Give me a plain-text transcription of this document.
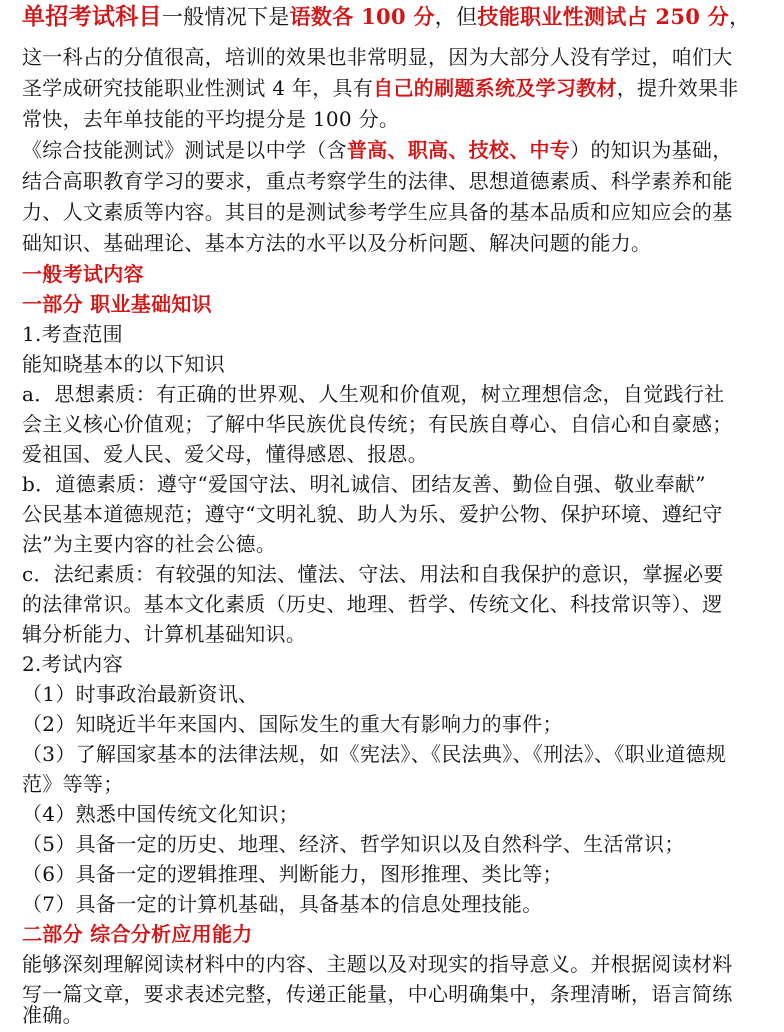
单招考试科目一般情况下是语数各 100 分，但技能职业性测试占 250 分，
这一科占的分值很高，培训的效果也非常明显，因为大部分人没有学过，咱们大
圣学成研究技能职业性测试 4 年，具有自己的刷题系统及学习教材，提升效果非
常快，去年单技能的平均提分是 100 分。
《综合技能测试》测试是以中学（含普高、职高、技校、中专）的知识为基础，
结合高职教育学习的要求，重点考察学生的法律、思想道德素质、科学素养和能
力、人文素质等内容。其目的是测试参考学生应具备的基本品质和应知应会的基
础知识、基础理论、基本方法的水平以及分析问题、解决问题的能力。
一般考试内容
一部分 职业基础知识
1.考查范围
能知晓基本的以下知识
a．思想素质：有正确的世界观、人生观和价值观，树立理想信念，自觉践行社
会主义核心价值观；了解中华民族优良传统；有民族自尊心、自信心和自豪感；
爱祖国、爱人民、爱父母，懂得感恩、报恩。
b．道德素质：遵守“爱国守法、明礼诚信、团结友善、勤俭自强、敬业奉献”
公民基本道德规范；遵守“文明礼貌、助人为乐、爱护公物、保护环境、遵纪守
法”为主要内容的社会公德。
c．法纪素质：有较强的知法、懂法、守法、用法和自我保护的意识，掌握必要
的法律常识。基本文化素质（历史、地理、哲学、传统文化、科技常识等）、逻
辑分析能力、计算机基础知识。
2.考试内容
（1）时事政治最新资讯、
（2）知晓近半年来国内、国际发生的重大有影响力的事件；
（3）了解国家基本的法律法规，如《宪法》、《民法典》、《刑法》、《职业道德规
范》等等；
（4）熟悉中国传统文化知识；
（5）具备一定的历史、地理、经济、哲学知识以及自然科学、生活常识；
（6）具备一定的逻辑推理、判断能力，图形推理、类比等；
（7）具备一定的计算机基础，具备基本的信息处理技能。
二部分 综合分析应用能力
能够深刻理解阅读材料中的内容、主题以及对现实的指导意义。并根据阅读材料
写一篇文章，要求表述完整，传递正能量，中心明确集中，条理清晰，语言简练
准确。
